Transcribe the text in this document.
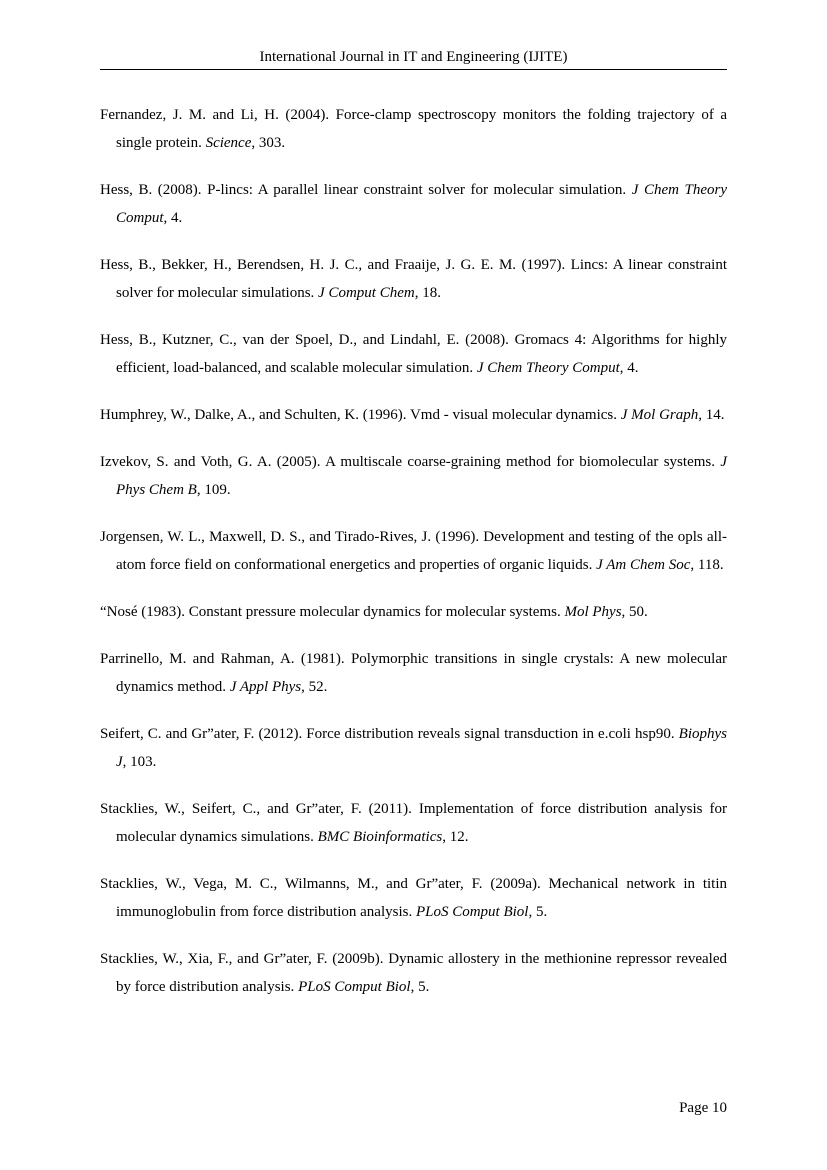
International Journal in IT and Engineering (IJITE)
Fernandez, J. M. and Li, H. (2004). Force-clamp spectroscopy monitors the folding trajectory of a single protein. Science, 303.
Hess, B. (2008). P-lincs: A parallel linear constraint solver for molecular simulation. J Chem Theory Comput, 4.
Hess, B., Bekker, H., Berendsen, H. J. C., and Fraaije, J. G. E. M. (1997). Lincs: A linear constraint solver for molecular simulations. J Comput Chem, 18.
Hess, B., Kutzner, C., van der Spoel, D., and Lindahl, E. (2008). Gromacs 4: Algorithms for highly efficient, load-balanced, and scalable molecular simulation. J Chem Theory Comput, 4.
Humphrey, W., Dalke, A., and Schulten, K. (1996). Vmd - visual molecular dynamics. J Mol Graph, 14.
Izvekov, S. and Voth, G. A. (2005). A multiscale coarse-graining method for biomolecular systems. J Phys Chem B, 109.
Jorgensen, W. L., Maxwell, D. S., and Tirado-Rives, J. (1996). Development and testing of the opls all-atom force field on conformational energetics and properties of organic liquids. J Am Chem Soc, 118.
“Nosé (1983). Constant pressure molecular dynamics for molecular systems. Mol Phys, 50.
Parrinello, M. and Rahman, A. (1981). Polymorphic transitions in single crystals: A new molecular dynamics method. J Appl Phys, 52.
Seifert, C. and Gr”ater, F. (2012). Force distribution reveals signal transduction in e.coli hsp90. Biophys J, 103.
Stacklies, W., Seifert, C., and Gr”ater, F. (2011). Implementation of force distribution analysis for molecular dynamics simulations. BMC Bioinformatics, 12.
Stacklies, W., Vega, M. C., Wilmanns, M., and Gr”ater, F. (2009a). Mechanical network in titin immunoglobulin from force distribution analysis. PLoS Comput Biol, 5.
Stacklies, W., Xia, F., and Gr”ater, F. (2009b). Dynamic allostery in the methionine repressor revealed by force distribution analysis. PLoS Comput Biol, 5.
Page 10
